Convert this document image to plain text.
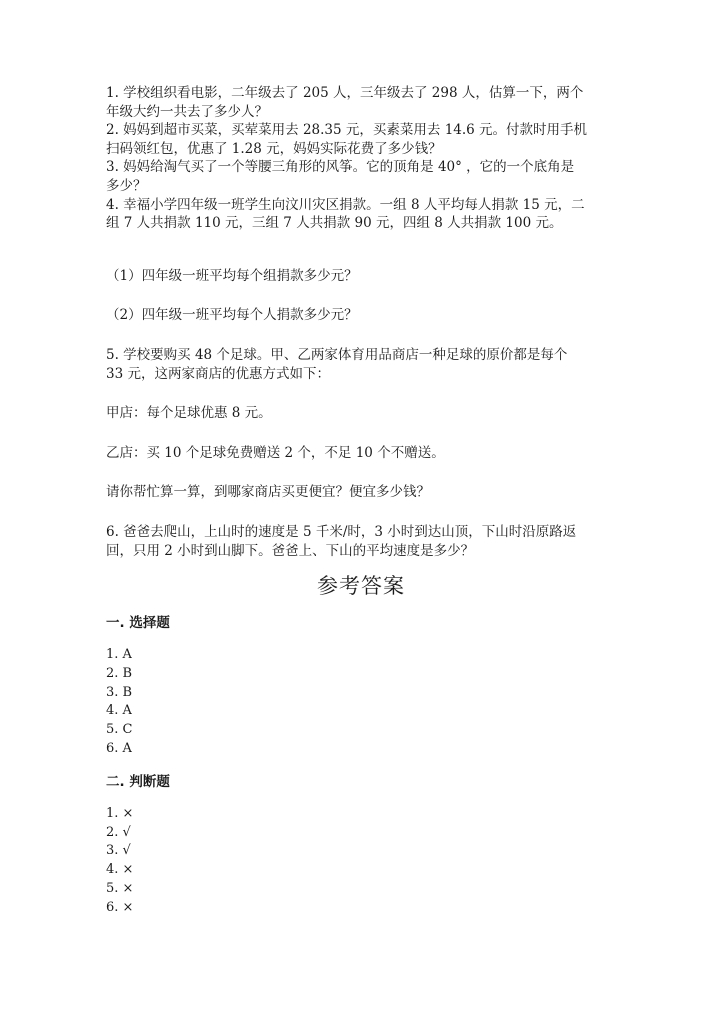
1. 学校组织看电影，二年级去了 205 人，三年级去了 298 人，估算一下，两个
年级大约一共去了多少人？
2. 妈妈到超市买菜，买荤菜用去 28.35 元，买素菜用去 14.6 元。付款时用手机
扫码领红包，优惠了 1.28 元，妈妈实际花费了多少钱？
3. 妈妈给淘气买了一个等腰三角形的风筝。它的顶角是 40° ，它的一个底角是
多少？
4. 幸福小学四年级一班学生向汶川灾区捐款。一组 8 人平均每人捐款 15 元，二
组 7 人共捐款 110 元，三组 7 人共捐款 90 元，四组 8 人共捐款 100 元。
（1）四年级一班平均每个组捐款多少元？
（2）四年级一班平均每个人捐款多少元？
5. 学校要购买 48 个足球。甲、乙两家体育用品商店一种足球的原价都是每个
33 元，这两家商店的优惠方式如下：
甲店：每个足球优惠 8 元。
乙店：买 10 个足球免费赠送 2 个，不足 10 个不赠送。
请你帮忙算一算，到哪家商店买更便宜？便宜多少钱？
6. 爸爸去爬山，上山时的速度是 5 千米/时，3 小时到达山顶，下山时沿原路返
回，只用 2 小时到山脚下。爸爸上、下山的平均速度是多少？
参考答案
一. 选择题
1. A
2. B
3. B
4. A
5. C
6. A
二. 判断题
1. ×
2. √
3. √
4. ×
5. ×
6. ×
